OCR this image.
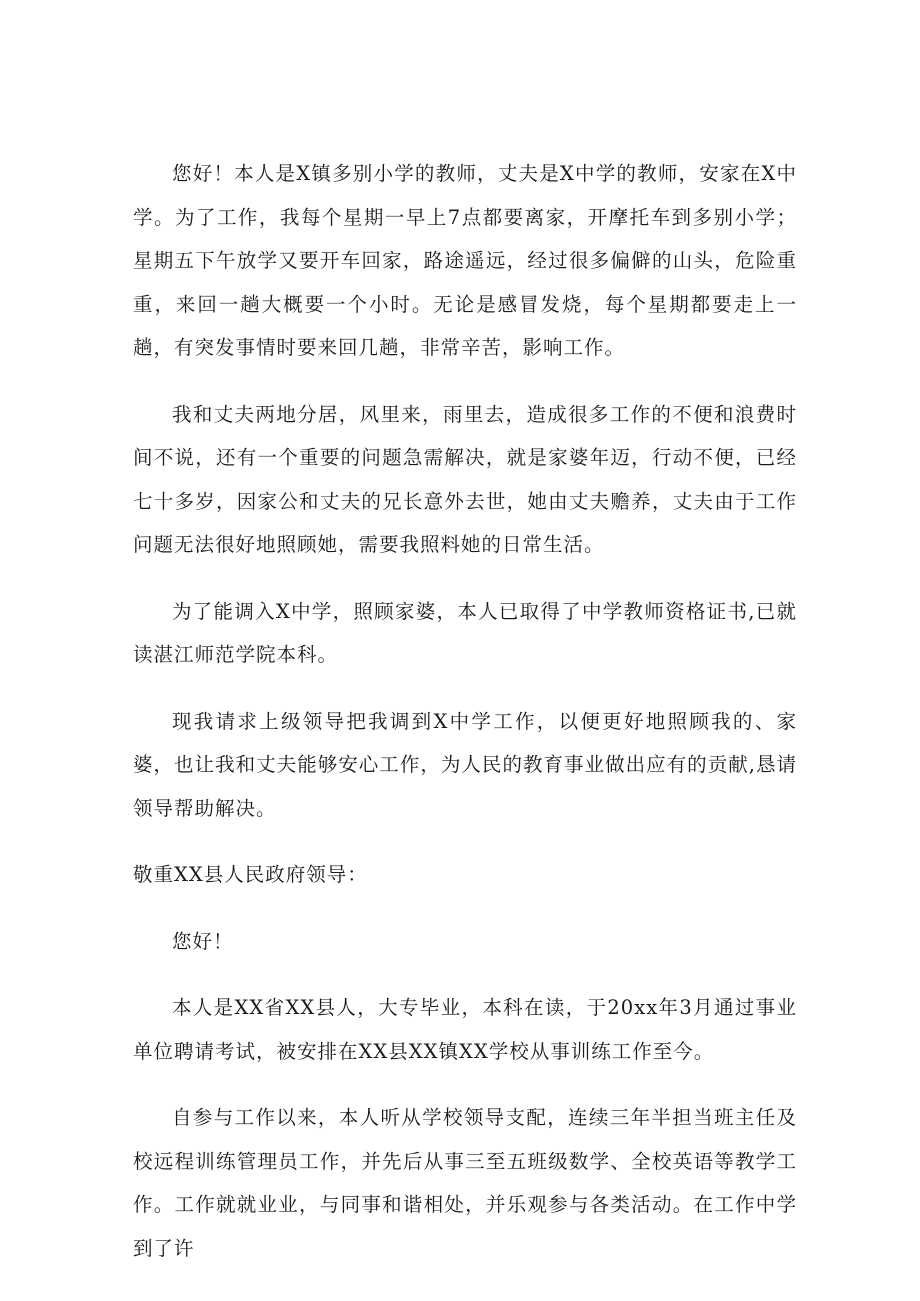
您好！本人是X镇多别小学的教师，丈夫是X中学的教师，安家在X中学。为了工作，我每个星期一早上7点都要离家，开摩托车到多别小学；星期五下午放学又要开车回家，路途遥远，经过很多偏僻的山头，危险重重，来回一趟大概要一个小时。无论是感冒发烧，每个星期都要走上一趟，有突发事情时要来回几趟，非常辛苦，影响工作。

我和丈夫两地分居，风里来，雨里去，造成很多工作的不便和浪费时间不说，还有一个重要的问题急需解决，就是家婆年迈，行动不便，已经七十多岁，因家公和丈夫的兄长意外去世，她由丈夫赡养，丈夫由于工作问题无法很好地照顾她，需要我照料她的日常生活。

为了能调入X中学，照顾家婆，本人已取得了中学教师资格证书,已就读湛江师范学院本科。

现我请求上级领导把我调到X中学工作，以便更好地照顾我的、家婆，也让我和丈夫能够安心工作，为人民的教育事业做出应有的贡献,恳请领导帮助解决。

敬重XX县人民政府领导：

您好！

本人是XX省XX县人，大专毕业，本科在读，于20xx年3月通过事业单位聘请考试，被安排在XX县XX镇XX学校从事训练工作至今。

自参与工作以来，本人听从学校领导支配，连续三年半担当班主任及校远程训练管理员工作，并先后从事三至五班级数学、全校英语等教学工作。工作就就业业，与同事和谐相处，并乐观参与各类活动。在工作中学到了许
